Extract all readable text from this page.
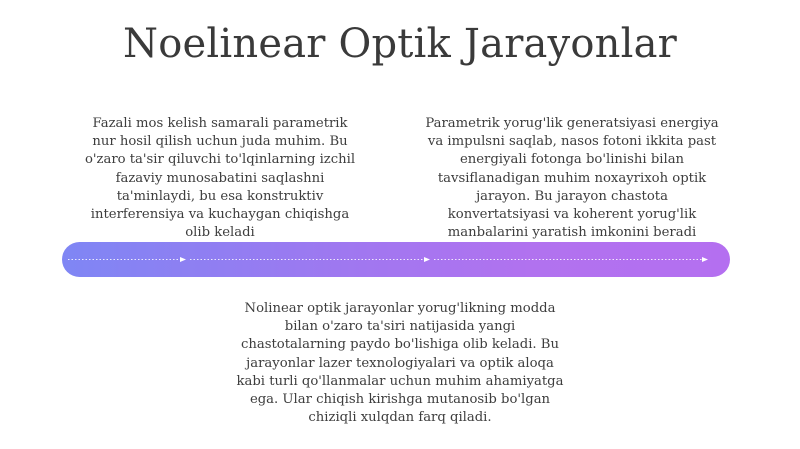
Noelinear Optik Jarayonlar

Fazali mos kelish samarali parametrik
nur hosil qilish uchun juda muhim. Bu
o'zaro ta'sir qiluvchi to'lqinlarning izchil
fazaviy munosabatini saqlashni
ta'minlaydi, bu esa konstruktiv
interferensiya va kuchaygan chiqishga
olib keladi

Parametrik yorug'lik generatsiyasi energiya
va impulsni saqlab, nasos fotoni ikkita past
energiyali fotonga bo'linishi bilan
tavsiflanadigan muhim noxayrixoh optik
jarayon. Bu jarayon chastota
konvertatsiyasi va koherent yorug'lik
manbalarini yaratish imkonini beradi

Nolinear optik jarayonlar yorug'likning modda
bilan o'zaro ta'siri natijasida yangi
chastotalarning paydo bo'lishiga olib keladi. Bu
jarayonlar lazer texnologiyalari va optik aloqa
kabi turli qo'llanmalar uchun muhim ahamiyatga
ega. Ular chiqish kirishga mutanosib bo'lgan
chiziqli xulqdan farq qiladi.
